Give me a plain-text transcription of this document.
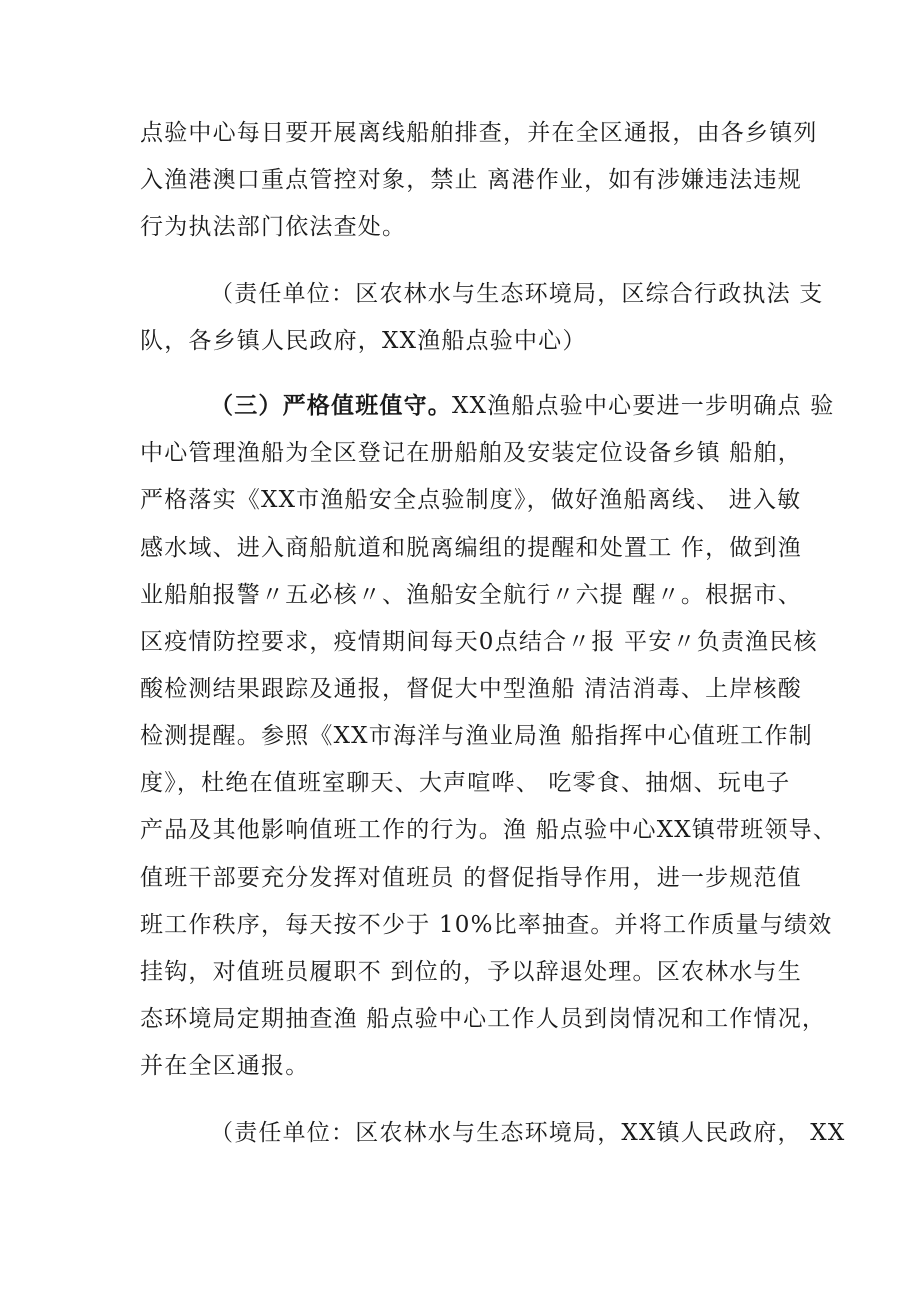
点验中心每日要开展离线船舶排查，并在全区通报，由各乡镇列
入渔港澳口重点管控对象，禁止 离港作业，如有涉嫌违法违规
行为执法部门依法查处。
（责任单位：区农林水与生态环境局，区综合行政执法 支
队，各乡镇人民政府，XX渔船点验中心）
（三）严格值班值守。XX渔船点验中心要进一步明确点 验
中心管理渔船为全区登记在册船舶及安装定位设备乡镇 船舶，
严格落实《XX市渔船安全点验制度》，做好渔船离线、 进入敏
感水域、进入商船航道和脱离编组的提醒和处置工 作，做到渔
业船舶报警〃五必核〃、渔船安全航行〃六提 醒〃。根据市、
区疫情防控要求，疫情期间每天0点结合〃报 平安〃负责渔民核
酸检测结果跟踪及通报，督促大中型渔船 清洁消毒、上岸核酸
检测提醒。参照《XX市海洋与渔业局渔 船指挥中心值班工作制
度》，杜绝在值班室聊天、大声喧哗、 吃零食、抽烟、玩电子
产品及其他影响值班工作的行为。渔 船点验中心XX镇带班领导、
值班干部要充分发挥对值班员 的督促指导作用，进一步规范值
班工作秩序，每天按不少于 10%比率抽查。并将工作质量与绩效
挂钩，对值班员履职不 到位的，予以辞退处理。区农林水与生
态环境局定期抽查渔 船点验中心工作人员到岗情况和工作情况，
并在全区通报。
（责任单位：区农林水与生态环境局，XX镇人民政府， XX
